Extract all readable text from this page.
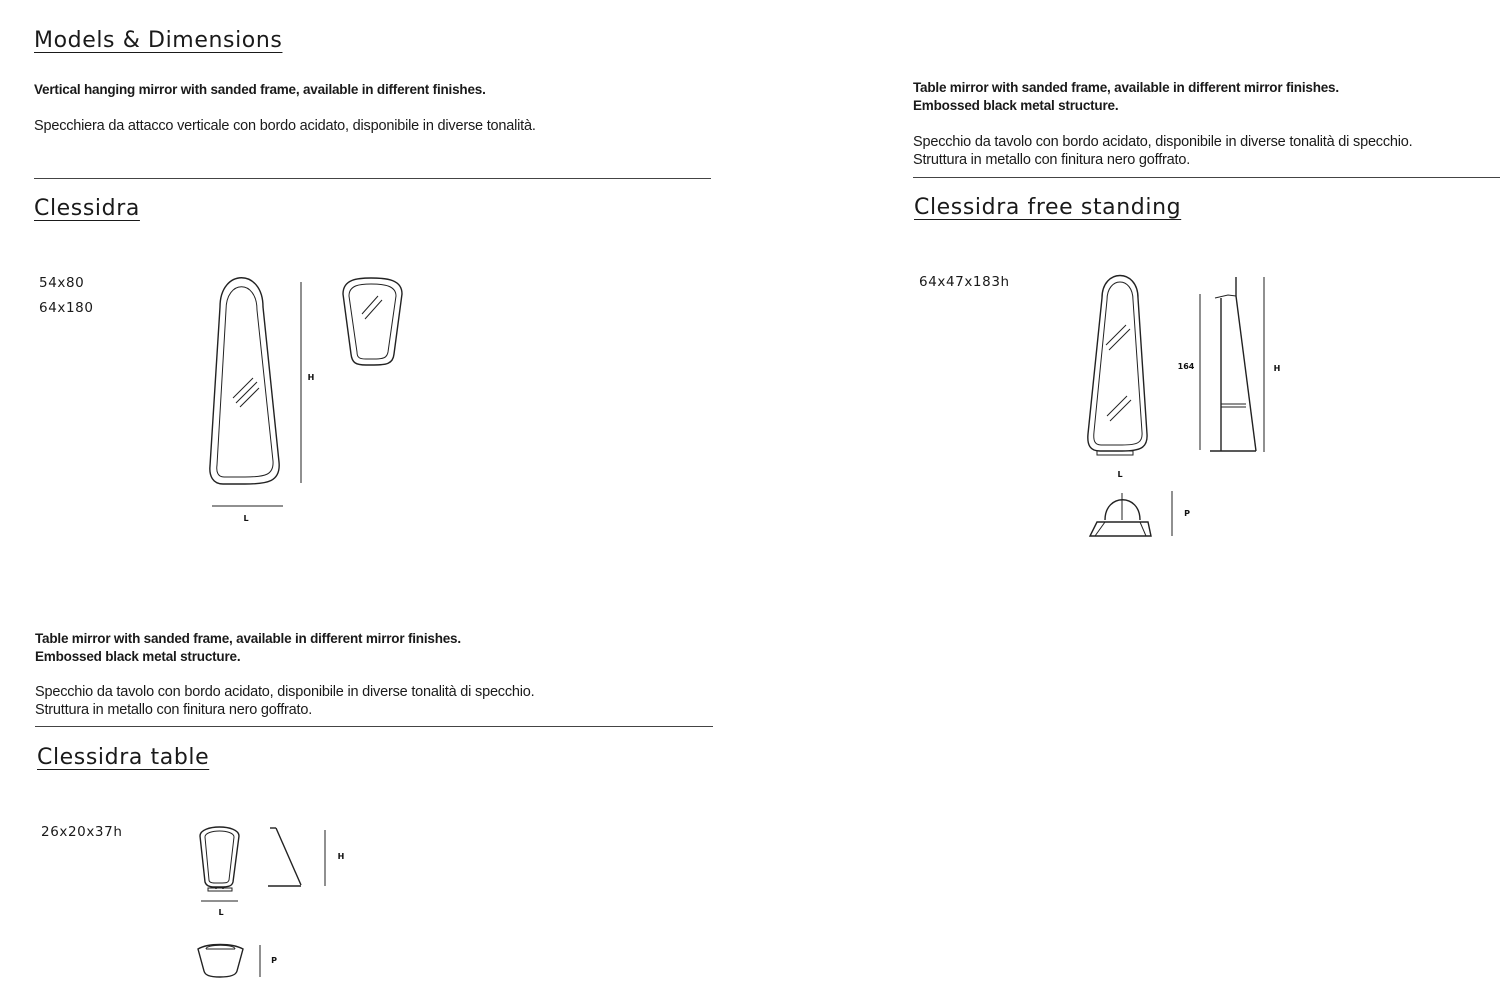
Models & Dimensions
Vertical hanging mirror with sanded frame, available in different finishes.
Specchiera da attacco verticale con bordo acidato, disponibile in diverse tonalità.
Clessidra
54x80
64x180
L
H
Table mirror with sanded frame, available in different mirror finishes.
Embossed black metal structure.
Specchio da tavolo con bordo acidato, disponibile in diverse tonalità di specchio.
Struttura in metallo con finitura nero goffrato.
Clessidra free standing
64x47x183h
L
164	H
P
Table mirror with sanded frame, available in different mirror finishes.
Embossed black metal structure.
Specchio da tavolo con bordo acidato, disponibile in diverse tonalità di specchio.
Struttura in metallo con finitura nero goffrato.
Clessidra table
26x20x37h
L
H
P
